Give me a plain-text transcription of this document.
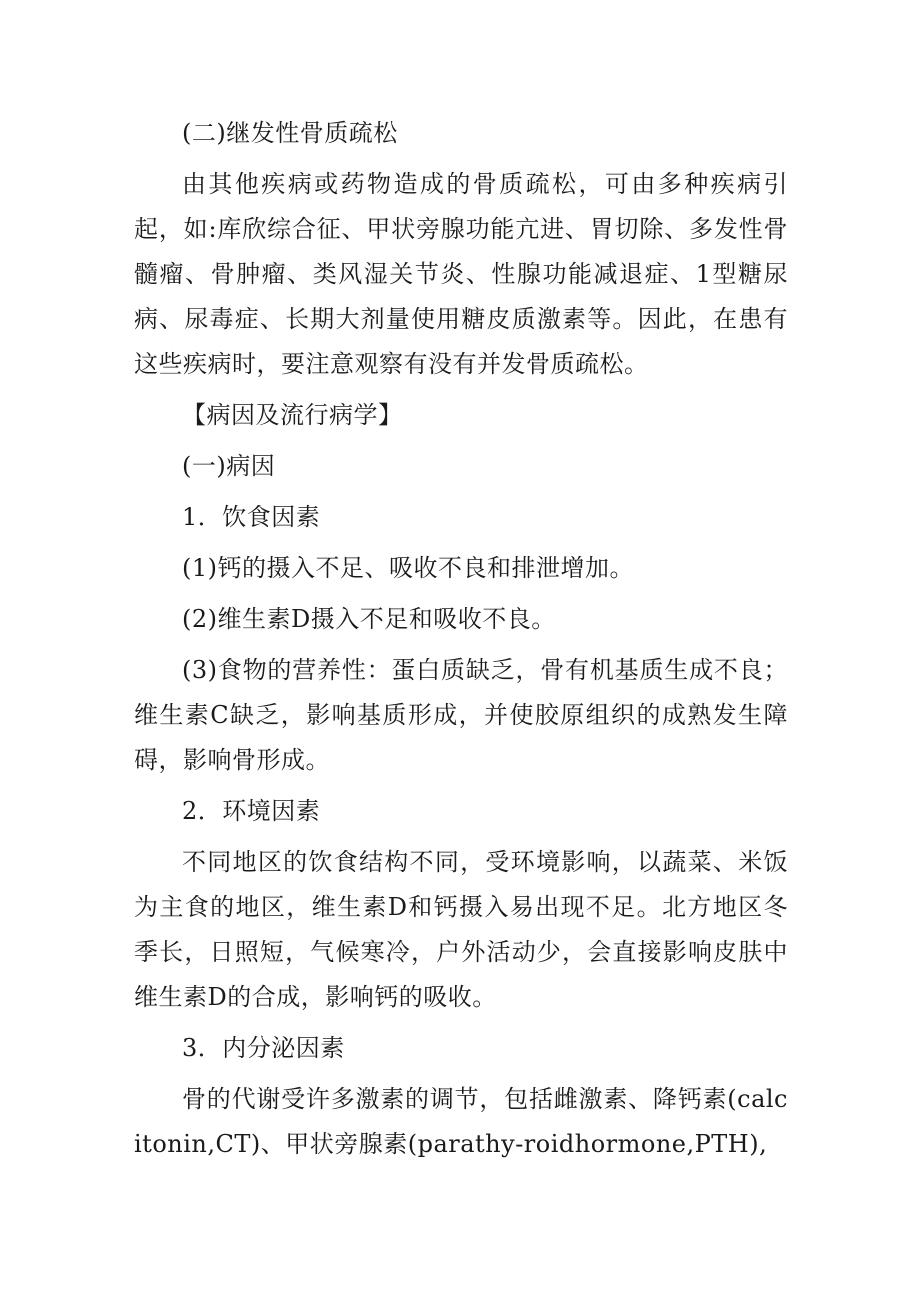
(二)继发性骨质疏松

由其他疾病或药物造成的骨质疏松，可由多种疾病引起，如:库欣综合征、甲状旁腺功能亢进、胃切除、多发性骨髓瘤、骨肿瘤、类风湿关节炎、性腺功能减退症、1型糖尿病、尿毒症、长期大剂量使用糖皮质激素等。因此，在患有这些疾病时，要注意观察有没有并发骨质疏松。

【病因及流行病学】

(一)病因

1．饮食因素

(1)钙的摄入不足、吸收不良和排泄增加。

(2)维生素D摄入不足和吸收不良。

(3)食物的营养性：蛋白质缺乏，骨有机基质生成不良；维生素C缺乏，影响基质形成，并使胶原组织的成熟发生障碍，影响骨形成。

2．环境因素

不同地区的饮食结构不同，受环境影响，以蔬菜、米饭为主食的地区，维生素D和钙摄入易出现不足。北方地区冬季长，日照短，气候寒冷，户外活动少，会直接影响皮肤中维生素D的合成，影响钙的吸收。

3．内分泌因素

骨的代谢受许多激素的调节，包括雌激素、降钙素(calcitonin,CT)、甲状旁腺素(parathy-roidhormone,PTH),
